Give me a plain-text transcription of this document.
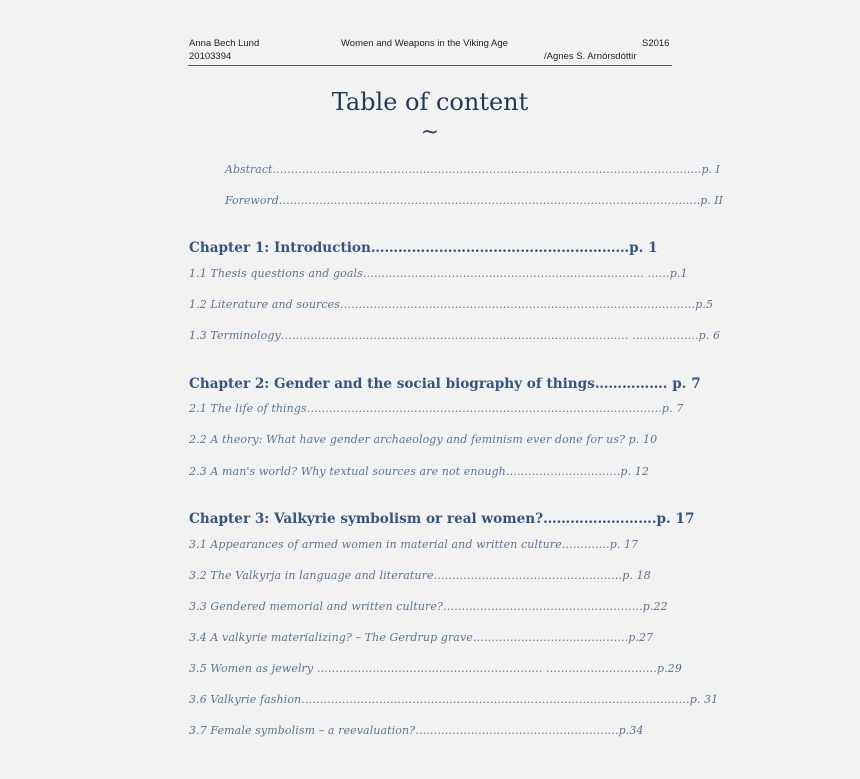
Anna Bech Lund
20103394
Women and Weapons in the Viking Age	S2016
/Agnes S. Arnórsdóttir
Table of content
~
Abstract………………………………………………………………………………………………………p. I
Foreword…………………………………………………………………………………………………….p. II
Chapter 1: Introduction…………………………………………………p. 1
1.1 Thesis questions and goals…………………………………………………………………. ……p.1
1.2 Literature and sources……………………………………………………………………………………p.5
1.3 Terminology…………………………………………………………………………………. ………………p. 6
Chapter 2: Gender and the social biography of things……………. p. 7
2.1 The life of things……………………………………………………………………………………p. 7
2.2 A theory: What have gender archaeology and feminism ever done for us? p. 10
2.3 A man's world? Why textual sources are not enough………………………….p. 12
Chapter 3: Valkyrie symbolism or real women?…………………….p. 17
3.1 Appearances of armed women in material and written culture………….p. 17
3.2 The Valkyrja in language and literature……………………………………………p. 18
3.3 Gendered memorial and written culture?………………………………………………p.22
3.4 A valkyrie materializing? – The Gerdrup grave……………………………………p.27
3.5 Women as jewelry ……………………………………………………. …………………………p.29
3.6 Valkyrie fashion……………………………………………………………………………………………p. 31
3.7 Female symbolism – a reevaluation?……………………………………………….p.34
